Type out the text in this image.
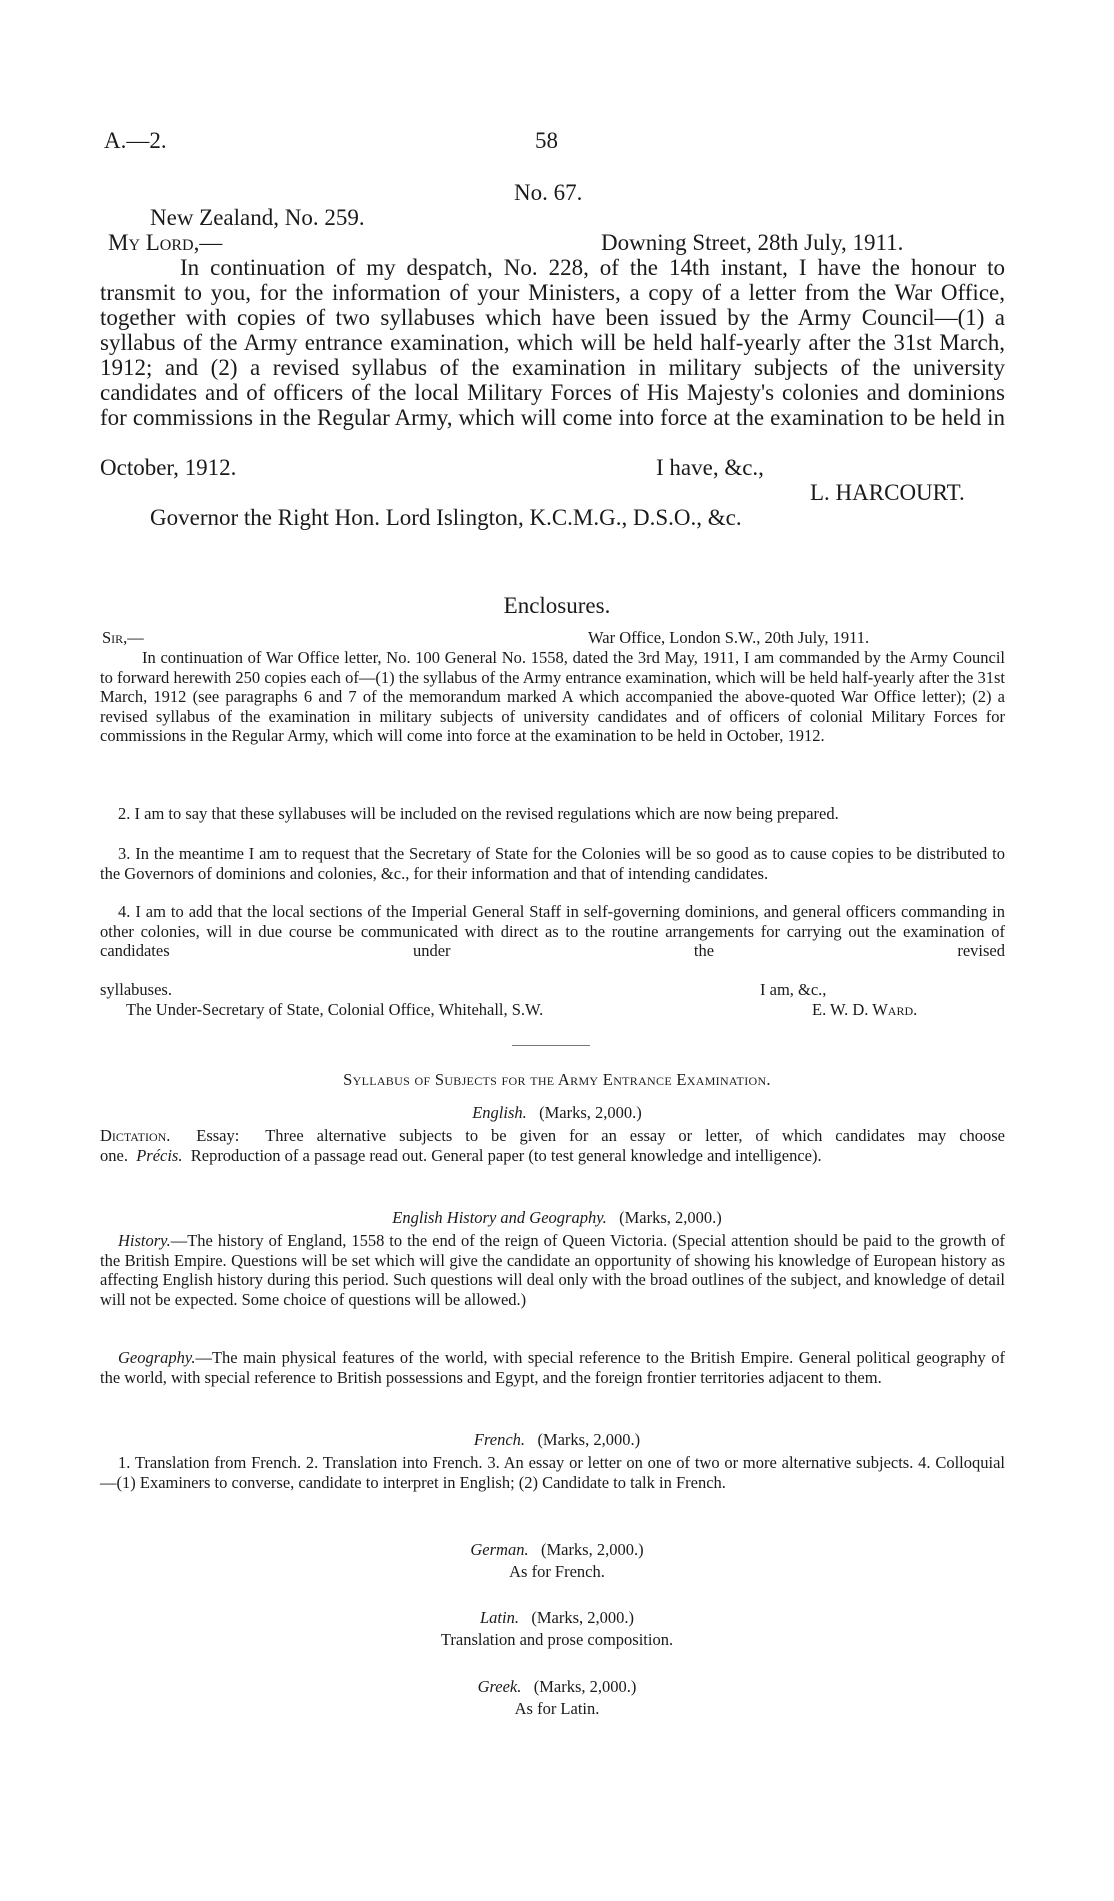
A.—2.	58
No. 67.
New Zealand, No. 259.
My Lord,—	Downing Street, 28th July, 1911.
In continuation of my despatch, No. 228, of the 14th instant, I have the honour to transmit to you, for the information of your Ministers, a copy of a letter from the War Office, together with copies of two syllabuses which have been issued by the Army Council—(1) a syllabus of the Army entrance examination, which will be held half-yearly after the 31st March, 1912; and (2) a revised syllabus of the examination in military subjects of the university candidates and of officers of the local Military Forces of His Majesty's colonies and dominions for commissions in the Regular Army, which will come into force at the examination to be held in
October, 1912.	I have, &c.,
L. HARCOURT.
Governor the Right Hon. Lord Islington, K.C.M.G., D.S.O., &c.
Enclosures.
Sir,—	War Office, London S.W., 20th July, 1911.
In continuation of War Office letter, No. 100 General No. 1558, dated the 3rd May, 1911, I am commanded by the Army Council to forward herewith 250 copies each of—(1) the syllabus of the Army entrance examination, which will be held half-yearly after the 31st March, 1912 (see paragraphs 6 and 7 of the memorandum marked A which accompanied the above-quoted War Office letter); (2) a revised syllabus of the examination in military subjects of university candidates and of officers of colonial Military Forces for commissions in the Regular Army, which will come into force at the examination to be held in October, 1912.
2. I am to say that these syllabuses will be included on the revised regulations which are now being prepared.
3. In the meantime I am to request that the Secretary of State for the Colonies will be so good as to cause copies to be distributed to the Governors of dominions and colonies, &c., for their information and that of intending candidates.
4. I am to add that the local sections of the Imperial General Staff in self-governing dominions, and general officers commanding in other colonies, will in due course be communicated with direct as to the routine arrangements for carrying out the examination of candidates under the revised
syllabuses.	I am, &c.,
The Under-Secretary of State, Colonial Office, Whitehall, S.W.	E. W. D. Ward.
Syllabus of Subjects for the Army Entrance Examination.
English. (Marks, 2,000.)
Dictation. Essay: Three alternative subjects to be given for an essay or letter, of which candidates may choose one. Précis. Reproduction of a passage read out. General paper (to test general knowledge and intelligence).
English History and Geography. (Marks, 2,000.)
History.—The history of England, 1558 to the end of the reign of Queen Victoria. (Special attention should be paid to the growth of the British Empire. Questions will be set which will give the candidate an opportunity of showing his knowledge of European history as affecting English history during this period. Such questions will deal only with the broad outlines of the subject, and knowledge of detail will not be expected. Some choice of questions will be allowed.)
Geography.—The main physical features of the world, with special reference to the British Empire. General political geography of the world, with special reference to British possessions and Egypt, and the foreign frontier territories adjacent to them.
French. (Marks, 2,000.)
1. Translation from French. 2. Translation into French. 3. An essay or letter on one of two or more alternative subjects. 4. Colloquial—(1) Examiners to converse, candidate to interpret in English; (2) Candidate to talk in French.
German. (Marks, 2,000.)
As for French.
Latin. (Marks, 2,000.)
Translation and prose composition.
Greek. (Marks, 2,000.)
As for Latin.
